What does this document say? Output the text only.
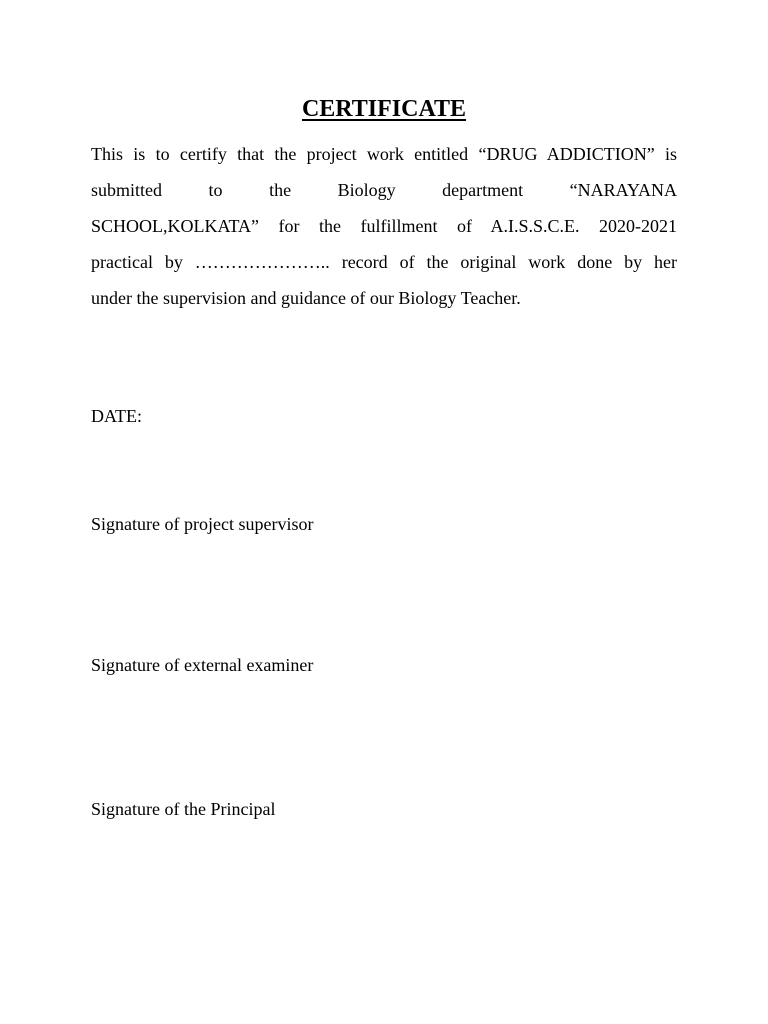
CERTIFICATE
This is to certify that the project work entitled “DRUG ADDICTION” is
submitted	to	the	Biology	department	“NARAYANA
SCHOOL,KOLKATA” for the fulfillment of A.I.S.S.C.E. 2020-2021
practical by ………………….. record of the original work done by her
under the supervision and guidance of our Biology Teacher.

DATE:

Signature of project supervisor

Signature of external examiner

Signature of the Principal
